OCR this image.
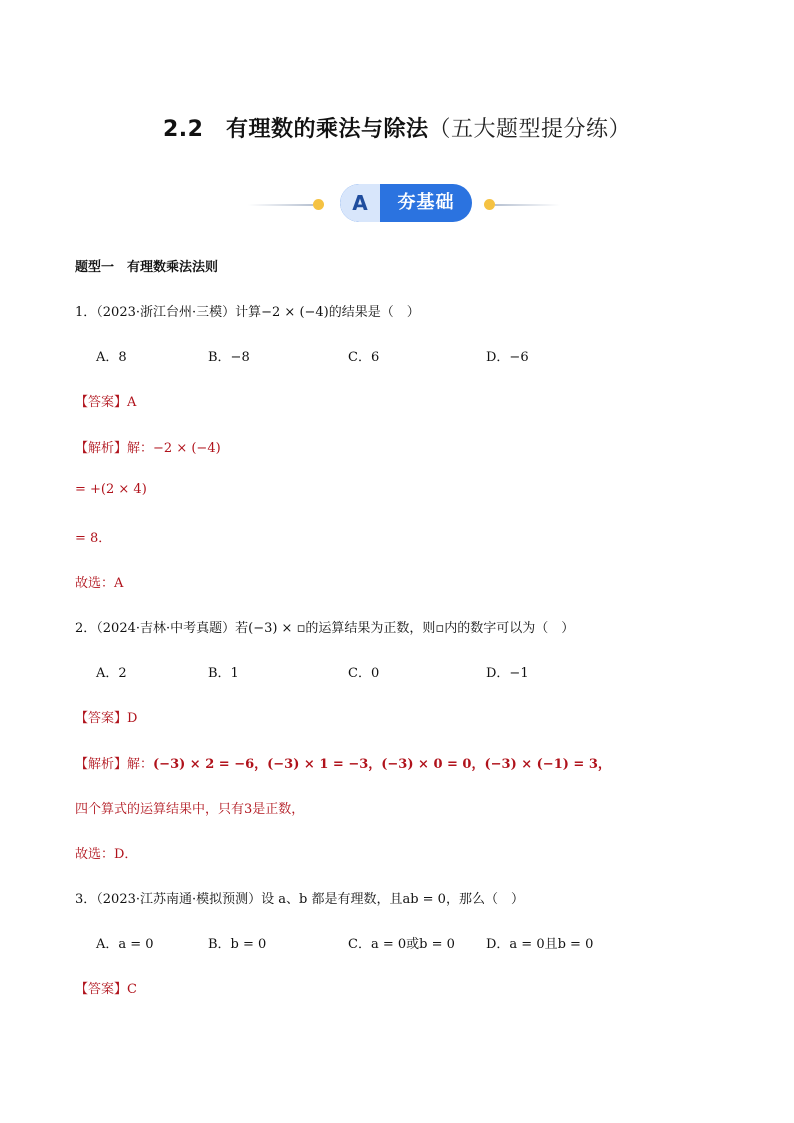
2.2　有理数的乘法与除法（五大题型提分练）
A	夯基础
题型一　有理数乘法法则
1．（2023·浙江台州·三模）计算−2 × (−4)的结果是（　）
A．8	B．−8	C．6	D．−6
【答案】A
【解析】解：−2 × (−4)
= +(2 × 4)
= 8．
故选：A
2．（2024·吉林·中考真题）若(−3) × ▫的运算结果为正数，则▫内的数字可以为（　）
A．2	B．1	C．0	D．−1
【答案】D
【解析】解：(−3) × 2 = −6，(−3) × 1 = −3，(−3) × 0 = 0，(−3) × (−1) = 3，
四个算式的运算结果中，只有3是正数，
故选：D．
3．（2023·江苏南通·模拟预测）设 a、b 都是有理数，且ab = 0，那么（　）
A．a = 0	B．b = 0	C．a = 0或b = 0 D．a = 0且b = 0
【答案】C
